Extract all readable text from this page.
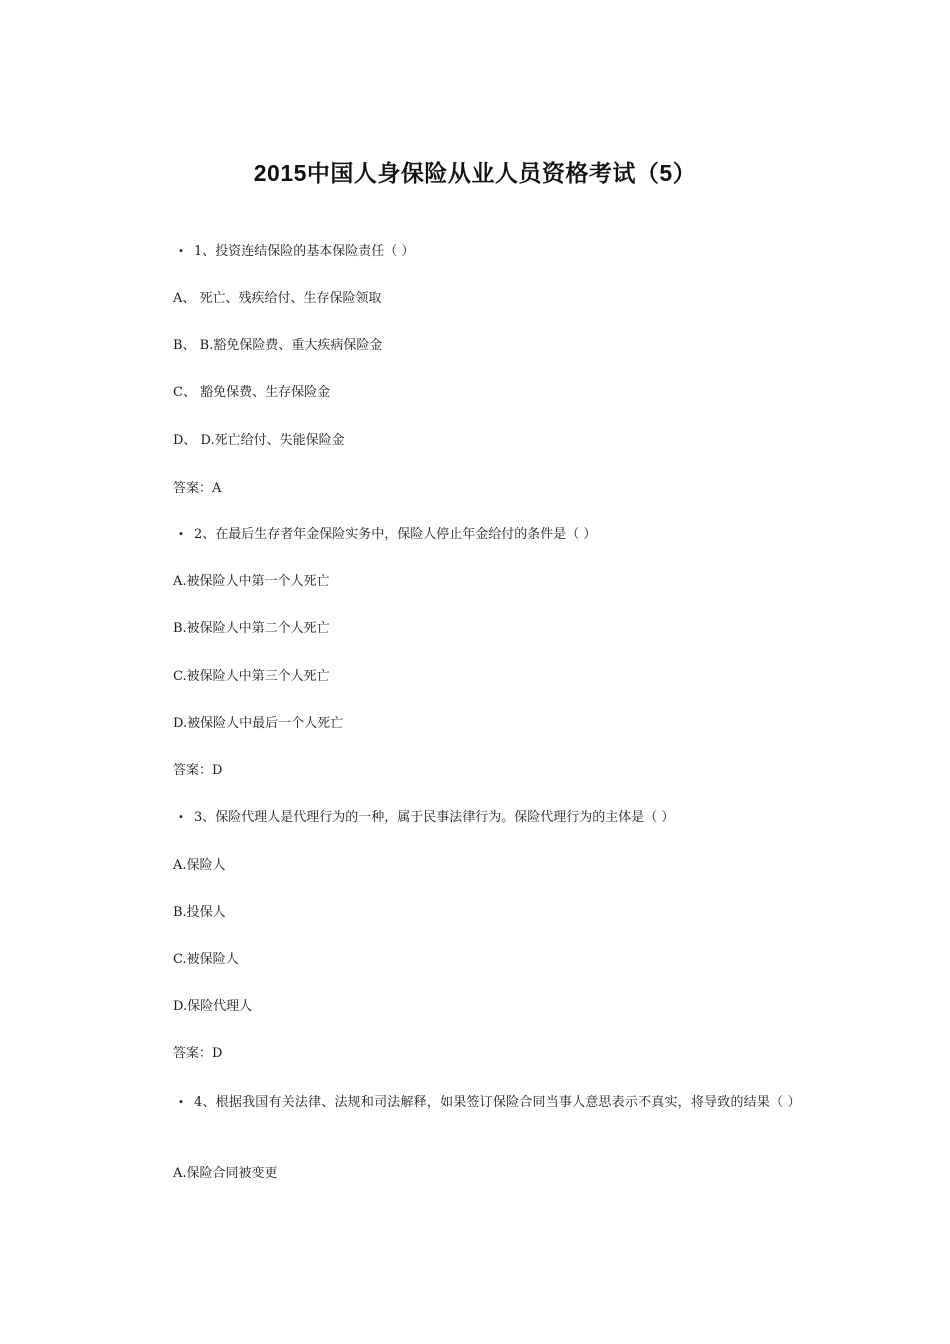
2015中国人身保险从业人员资格考试（5）

• 1、投资连结保险的基本保险责任（ ）

A、 死亡、残疾给付、生存保险领取

B、 B.豁免保险费、重大疾病保险金

C、 豁免保费、生存保险金

D、 D.死亡给付、失能保险金

答案：A

• 2、在最后生存者年金保险实务中，保险人停止年金给付的条件是（ ）

A.被保险人中第一个人死亡

B.被保险人中第二个人死亡

C.被保险人中第三个人死亡

D.被保险人中最后一个人死亡

答案：D

• 3、保险代理人是代理行为的一种，属于民事法律行为。保险代理行为的主体是（ ）

A.保险人

B.投保人

C.被保险人

D.保险代理人

答案：D

• 4、根据我国有关法律、法规和司法解释，如果签订保险合同当事人意思表示不真实，将导致的结果（ ）

A.保险合同被变更
